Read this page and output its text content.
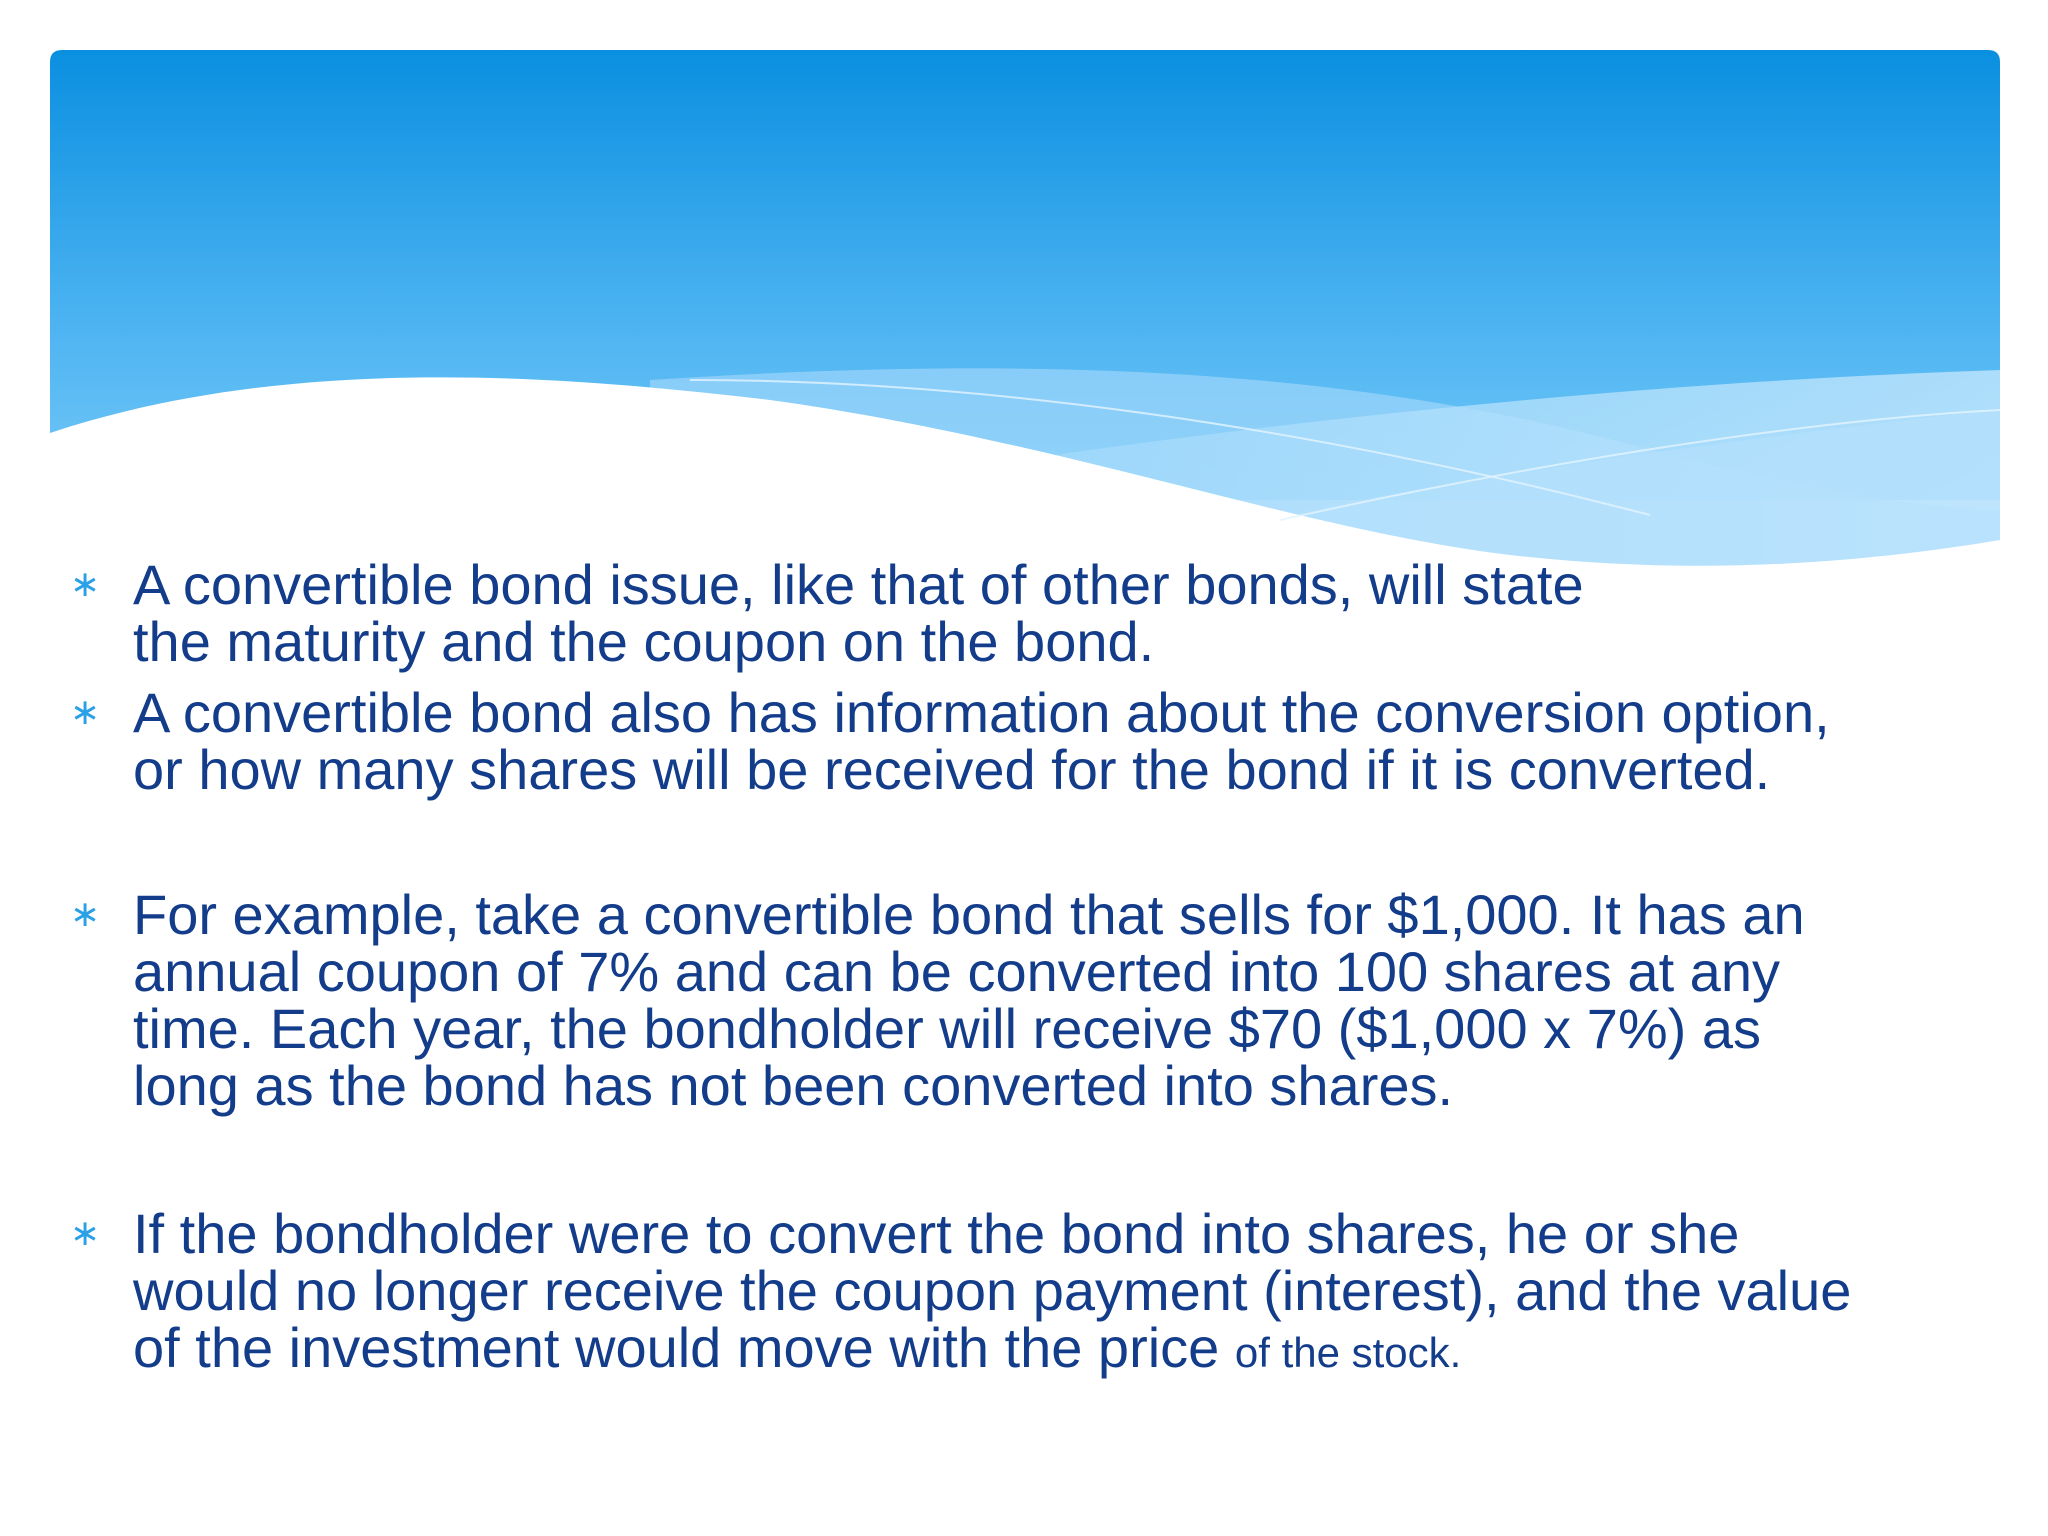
∗ A convertible bond issue, like that of other bonds, will state
the maturity and the coupon on the bond.
∗ A convertible bond also has information about the conversion option,
or how many shares will be received for the bond if it is converted.
∗ For example, take a convertible bond that sells for $1,000. It has an
annual coupon of 7% and can be converted into 100 shares at any
time. Each year, the bondholder will receive $70 ($1,000 x 7%) as
long as the bond has not been converted into shares.
∗ If the bondholder were to convert the bond into shares, he or she
would no longer receive the coupon payment (interest), and the value
of the investment would move with the price of the stock.
